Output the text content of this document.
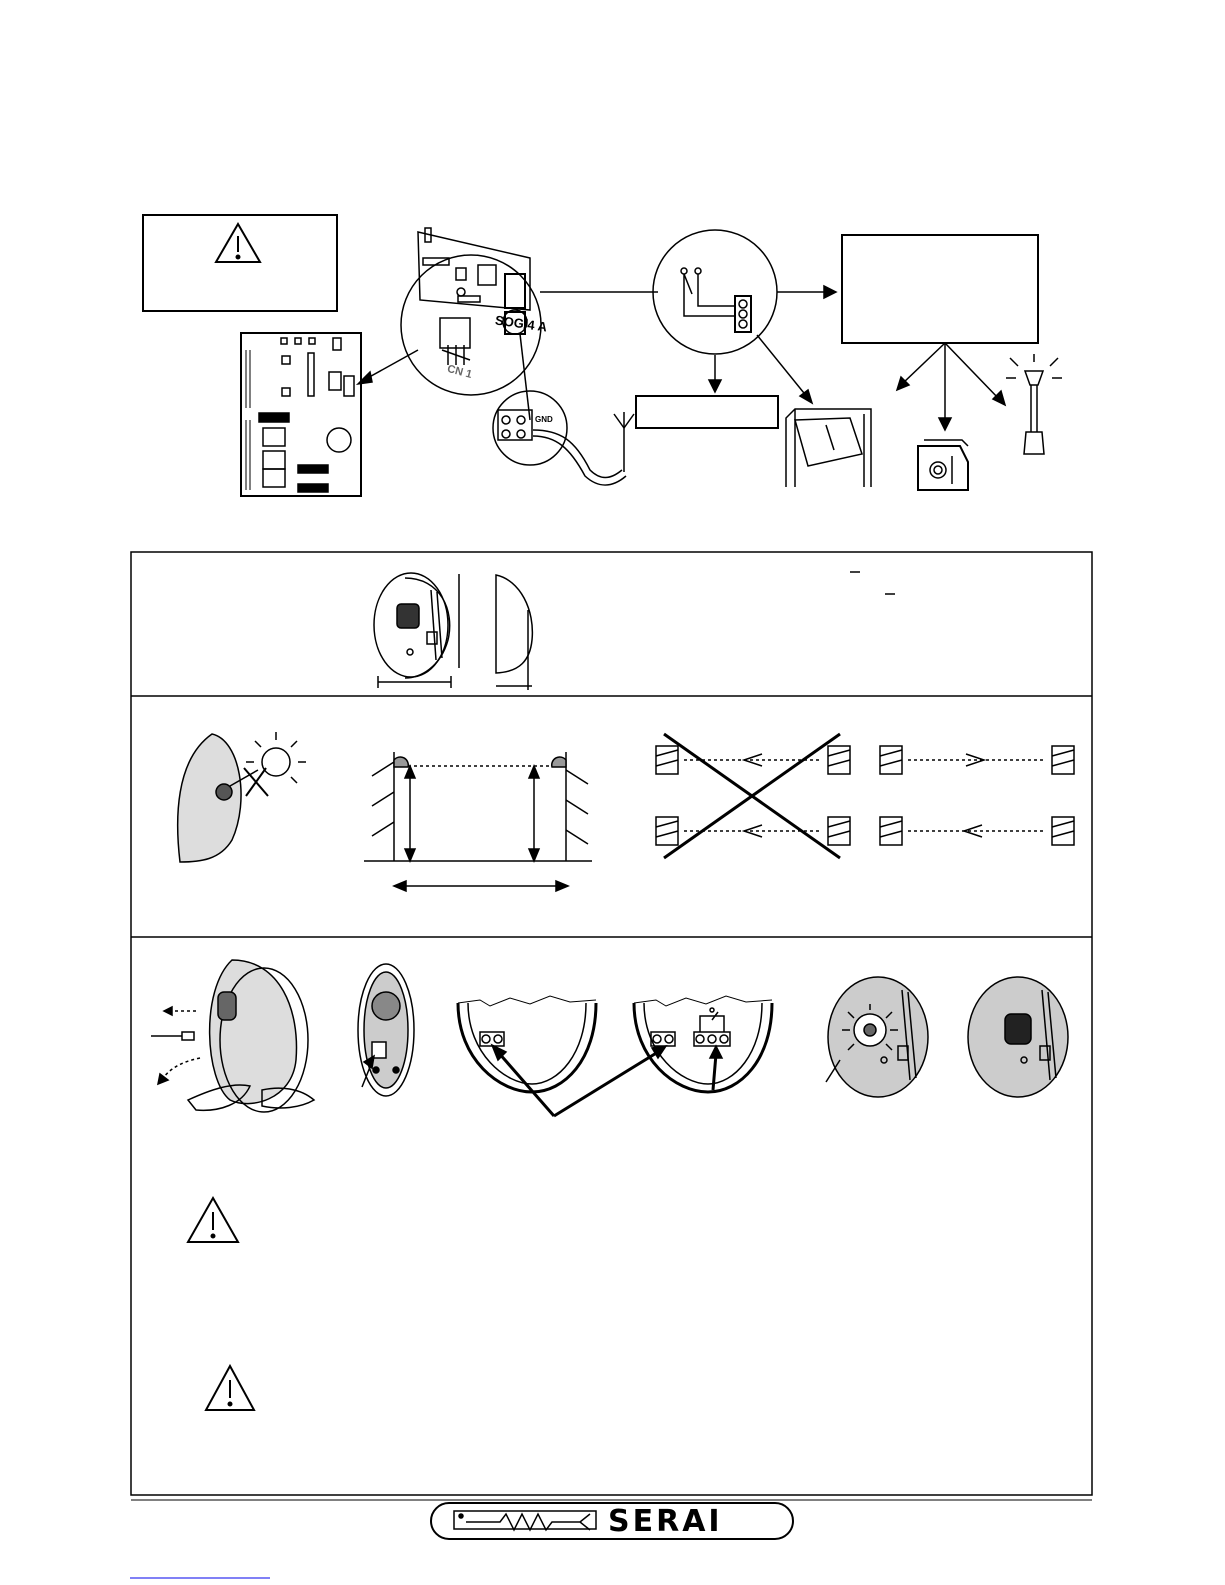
SOG/4 A
CN 1
GND
SERAI
